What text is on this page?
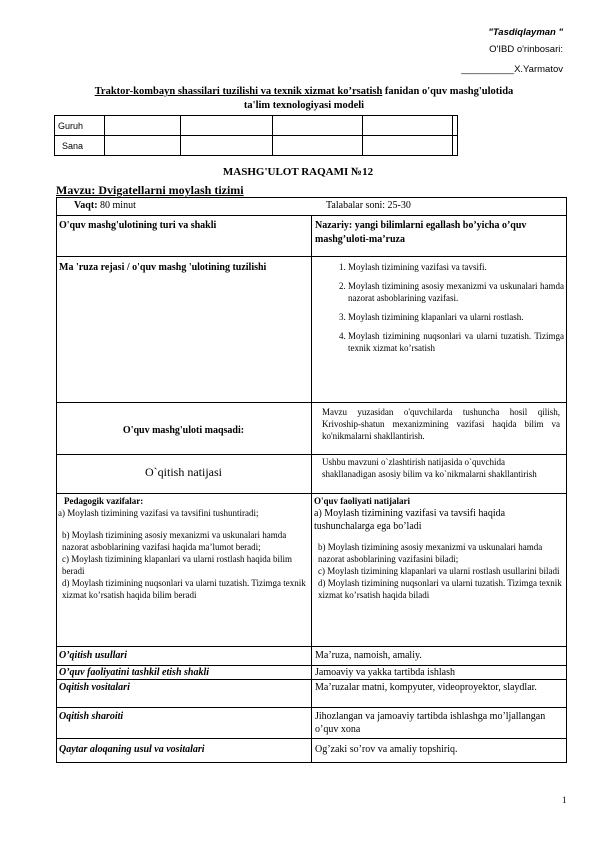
"Tasdiqlayman "
O'IBD o'rinbosari:
__________X.Yarmatov
Traktor-kombayn shassilari tuzilishi va texnik xizmat ko’rsatish fanidan o'quv mashg'ulotida
ta'lim texnologiyasi modeli
Guruh					
Sana					
MASHG'ULOT RAQAMI №12
Mavzu: Dvigatellarni moylash tizimi
Vaqt: 80 minut	Talabalar soni: 25-30
O'quv mashg'ulotining turi va shakli	Nazariy: yangi bilimlarni egallash bo’yicha o’quv mashg’uloti-ma’ruza
Ma 'ruza rejasi / o'quv mashg 'ulotining tuzilishi
1.	Moylash tizimining vazifasi va tavsifi.
2. Moylash tizimining asosiy mexanizmi va uskunalari hamda nazorat asboblarining vazifasi.
3. Moylash tizimining klapanlari va ularni rostlash.
4. Moylash tizimining nuqsonlari va ularni tuzatish. Tizimga texnik xizmat ko’rsatish
O'quv mashg'uloti maqsadi:
Mavzu yuzasidan o'quvchilarda tushuncha hosil qilish, Krivoship-shatun mexanizmining vazifasi haqida bilim va ko'nikmalarni shakllantirish.
O`qitish natijasi
Ushbu mavzuni o`zlashtirish natijasida o`quvchida shakllanadigan asosiy bilim va ko`nikmalarni shakllantirish
Pedagogik vazifalar:
a) Moylash tizimining vazifasi va tavsifini tushuntiradi;
b) Moylash tizimining asosiy mexanizmi va uskunalari hamda nazorat asboblarining vazifasi haqida ma’lumot beradi;
c) Moylash tizimining klapanlari va ularni rostlash haqida bilim beradi
d) Moylash tizimining nuqsonlari va ularni tuzatish. Tizimga texnik xizmat ko’rsatish haqida bilim beradi
O'quv faoliyati natijalari
a) Moylash tizimining vazifasi va tavsifi haqida tushunchalarga ega bo’ladi
b) Moylash tizimining asosiy mexanizmi va uskunalari hamda nazorat asboblarining vazifasini biladi;
c) Moylash tizimining klapanlari va ularni rostlash usullarini biladi
d) Moylash tizimining nuqsonlari va ularni tuzatish. Tizimga texnik xizmat ko’rsatish haqida biladi
O’qitish usullari	Ma’ruza, namoish, amaliy.
O’quv faoliyatini tashkil etish shakli	Jamoaviy va yakka tartibda ishlash
Oqitish vositalari	Ma’ruzalar matni, kompyuter, videoproyektor, slaydlar.
Oqitish sharoiti	Jihozlangan va jamoaviy tartibda ishlashga mo’ljallangan o’quv xona
Qaytar aloqaning usul va vositalari	Og’zaki so’rov va amaliy topshiriq.
1
